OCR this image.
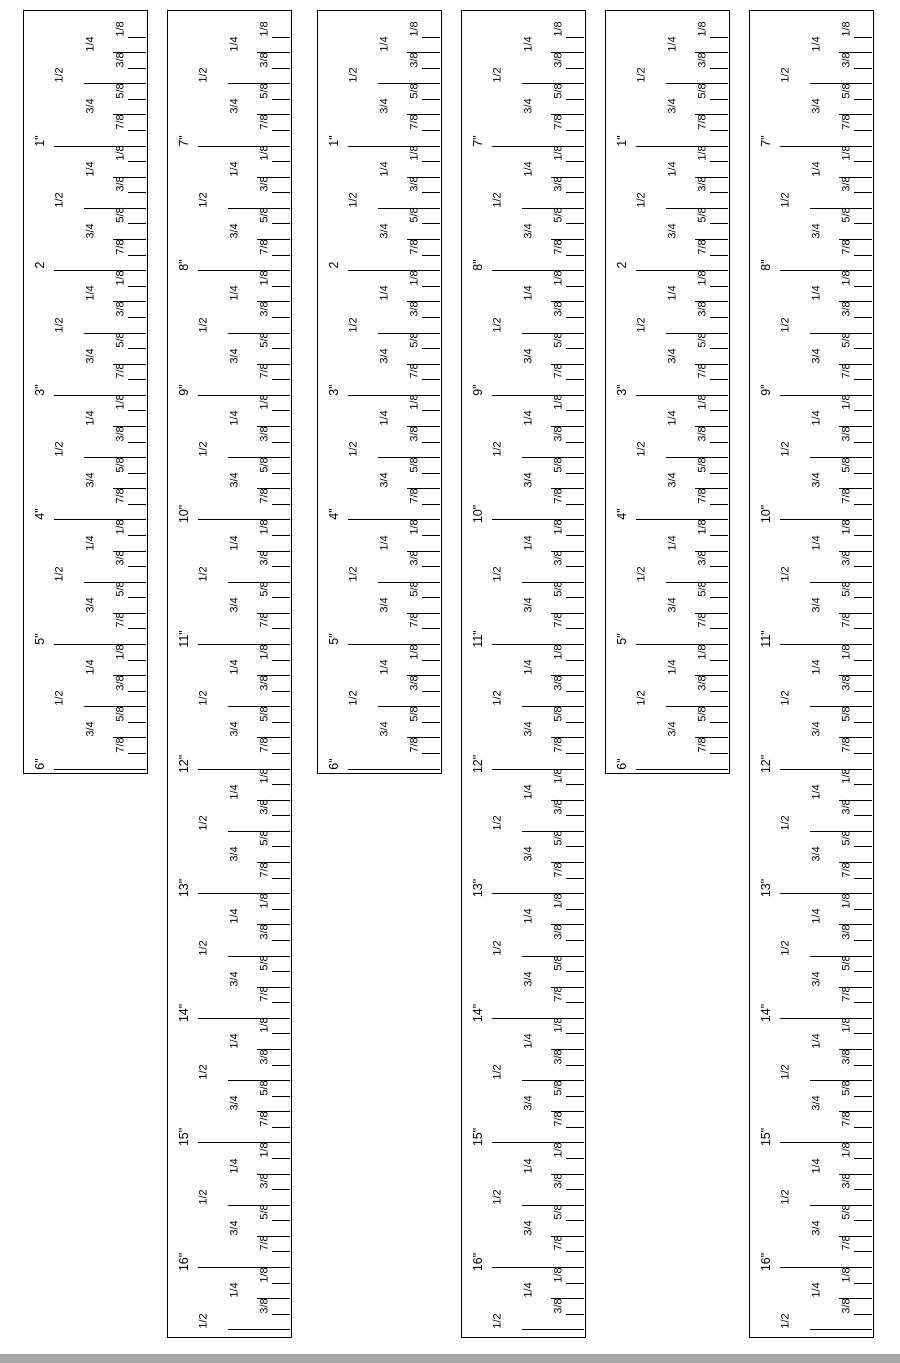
1/8
1/4
3/8
1/2
5/8
3/4
7/8
1"
1/8
1/4
3/8
1/2
5/8
3/4
7/8
2
1/8
1/4
3/8
1/2
5/8
3/4
7/8
3"
1/8
1/4
3/8
1/2
5/8
3/4
7/8
4"
1/8
1/4
3/8
1/2
5/8
3/4
7/8
5"
1/8
1/4
3/8
1/2
5/8
3/4
7/8
6"
1/8
1/4
3/8
1/2
5/8
3/4
7/8
7"
1/8
1/4
3/8
1/2
5/8
3/4
7/8
8"
1/8
1/4
3/8
1/2
5/8
3/4
7/8
9"
1/8
1/4
3/8
1/2
5/8
3/4
7/8
10"
1/8
1/4
3/8
1/2
5/8
3/4
7/8
11"
1/8
1/4
3/8
1/2
5/8
3/4
7/8
12"
1/8
1/4
3/8
1/2
5/8
3/4
7/8
13"
1/8
1/4
3/8
1/2
5/8
3/4
7/8
14"
1/8
1/4
3/8
1/2
5/8
3/4
7/8
15"
1/8
1/4
3/8
1/2
5/8
3/4
7/8
16"
1/8
1/4
3/8
1/2
1/8
1/4
3/8
1/2
5/8
3/4
7/8
1"
1/8
1/4
3/8
1/2
5/8
3/4
7/8
2
1/8
1/4
3/8
1/2
5/8
3/4
7/8
3"
1/8
1/4
3/8
1/2
5/8
3/4
7/8
4"
1/8
1/4
3/8
1/2
5/8
3/4
7/8
5"
1/8
1/4
3/8
1/2
5/8
3/4
7/8
6"
1/8
1/4
3/8
1/2
5/8
3/4
7/8
7"
1/8
1/4
3/8
1/2
5/8
3/4
7/8
8"
1/8
1/4
3/8
1/2
5/8
3/4
7/8
9"
1/8
1/4
3/8
1/2
5/8
3/4
7/8
10"
1/8
1/4
3/8
1/2
5/8
3/4
7/8
11"
1/8
1/4
3/8
1/2
5/8
3/4
7/8
12"
1/8
1/4
3/8
1/2
5/8
3/4
7/8
13"
1/8
1/4
3/8
1/2
5/8
3/4
7/8
14"
1/8
1/4
3/8
1/2
5/8
3/4
7/8
15"
1/8
1/4
3/8
1/2
5/8
3/4
7/8
16"
1/8
1/4
3/8
1/2
1/8
1/4
3/8
1/2
5/8
3/4
7/8
1"
1/8
1/4
3/8
1/2
5/8
3/4
7/8
2
1/8
1/4
3/8
1/2
5/8
3/4
7/8
3"
1/8
1/4
3/8
1/2
5/8
3/4
7/8
4"
1/8
1/4
3/8
1/2
5/8
3/4
7/8
5"
1/8
1/4
3/8
1/2
5/8
3/4
7/8
6"
1/8
1/4
3/8
1/2
5/8
3/4
7/8
7"
1/8
1/4
3/8
1/2
5/8
3/4
7/8
8"
1/8
1/4
3/8
1/2
5/8
3/4
7/8
9"
1/8
1/4
3/8
1/2
5/8
3/4
7/8
10"
1/8
1/4
3/8
1/2
5/8
3/4
7/8
11"
1/8
1/4
3/8
1/2
5/8
3/4
7/8
12"
1/8
1/4
3/8
1/2
5/8
3/4
7/8
13"
1/8
1/4
3/8
1/2
5/8
3/4
7/8
14"
1/8
1/4
3/8
1/2
5/8
3/4
7/8
15"
1/8
1/4
3/8
1/2
5/8
3/4
7/8
16"
1/8
1/4
3/8
1/2
